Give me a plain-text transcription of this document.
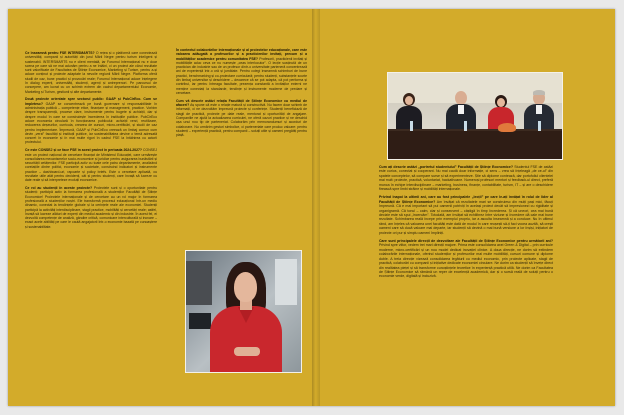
Ce înseamnă pentru FSE INTERSMARTS? O rețea și o platformă care conectează universități, companii și autorități din jurul Mării Negre pentru turism inteligent și sustenabil. INTERSMARTS nu e client mentală, iar Forumul Internațional nu e doar scena pe care să ne mai adunăm pentru a ne întâlni, ci un proiect ale cărui rezultate sunt valorificate de Facultatea de Științe Economice, Marketing și Turism, pentru a-și aduce conținut și proiecte adaptate la nevoile regiunii Mării Negre. Platforma oferă studii de caz, bune practici și provocări reale; Forumul Internațional aduce înțelegere în dialog experți, universități, studenți, agenți și antreprenori. Pe parcursul de concepere, am lucrat cu un schimb extrem din cadrul departamentului Economie, Marketing și Turism, gestiunii și alte departamente.

Două proiecte orientate spre sectorul public: GAAP și PubCirEco. Cum se împletesc? GAAP se concentrează pe bună guvernare și responsabilitate în administrația publică – competențe etice, finanțare și management, practice. Vorbim despre transparență, procese clare, instrumente pentru bugete și achiziții, dar și despre modul în care se construiește încrederea în instituțiile publice. PubCirEco aduce economia circulară în funcționarea publicului: achiziții verzi, reutilizare, reducerea deșeurilor, curricula, crearea de cursuri, micro-certificări, și studii de caz pentru implementare. Împreună, GAAP și PubCirEco creează un limbaj comun cum devin „verzi” facultăți și instituții publice, iar sustenabilitatea devine o temă adresată concret în economie și în mai multe rigori în cadrul FSE la întâlnirea cu actorii proiectului.

Ce este CONSEJ și ce face FSE în acest proiect în perioada 2024-2027? CONSEJ este un proiect național de cercetare finanțat de Ministerul Educației, care urmărește consolidarea mecanismelor socio-economice și juridice pentru asigurarea bunăstării și securității cetățenilor. FSE participă activ cu toate cele patru departamente, analizând corelațiile dintre politici, economie și societate, construind indicatori și instrumente practice – dashboard-uri, rapoarte și policy briefs. Este o cercetare aplicată, cu rezultate utile atât pentru decidenți, cât și pentru studenți, care învață să lucreze cu date reale și să interpreteze evoluții economice.

Ce rol au studenții în aceste proiecte? Proiectele sunt și o oportunitate pentru studenți: participă activ la formarea profesională a studenților Facultății de Științe Economice! Proiectele internaționale și de cercetare au un rol major în formarea profesională a studenților noștri. Ele transformă procesul educațional într-un mediu dinamic, conectat la tendințele globale și la cerințele reale ale economiei. Studenții participă la activități interdisciplinare, stagii practice, mobilități și cercetări reale; astfel, învață să lucreze alături de experți din mediul academic și din industrie. În acest fel, ei dezvoltă competențe de analiză, gândire critică, comunicare interculturală și inovare – exact acele abilități pe care le caută angajatorii într-o economie bazată pe cunoaștere și sustenabilitate.

În contextul colaborărilor internaționale și al proiectelor educaționale, care este valoarea adăugată a profesorilor și a practicienilor invitați, precum și a mobilităților academice pentru comunitatea FSE? Profesorii, practicienii invitați și mobilitățile aduc ceva ce nu numește „ceas interlocutor”. O lecție susținută de un practician din industrie sau de un profesor dintr-o universitate parteneră concentrează ani de experiență într-o oră și jumătate. Pentru colegi înseamnă schimburi de bune practici, benchmarking și co-proiectare curriculară; pentru studenți, substanțele scurte din limbaj universitar și deschidere – deoarece că se pot adapta, că pot performa și contribui, iar pentru întreaga facultate, prezența constantă a invitaților externi ne menține conectați la standarde, tendințe și instrumente moderne de predare și cercetare.

Cum vă descrie astăzi relația Facultății de Științe Economice cu mediul de afaceri? Aș spune că este o relație matură și constructivă. Nu facem doar schimb de informații, ci ne dezvoltăm împreună proiecte și conferințe. Studenții beneficiază de stagii de practică, proiecte pe date reale, mentorat și oportunități de angajare. Companiile ne ajută la actualizarea curriculei, ne oferă cazuri practice și ne deschid ușa unui nou tip de parteneriat. Colaborăm prin memorandumuri și acorduri de colaborare. Nu urmărim gesturi simbolice, ci parteneriate care produc valoare: pentru studenți – experiență practică, pentru companii – soluții utile și oameni pregătiți pentru piață.

Cum ați descrie astăzi „portretul studentului” Facultății de Științe Economice? Studentul FSE de astăzi este curios, conectat și cooperant. Nu mai caută doar informație, ci sens – vrea să înțeleagă „de ce-ul” din spatele conceptelor, să compare surse și să experimenteze. Știe să diplome contează, dar portofoliul clientelei mai mult: proiecte, practică, voluntariat, hackathoane. Numeroși profesori mentori și feedback-ul direct, preferă munca în echipe interdisciplinare – marketing, business, finanțe, contabilitate, turism, IT – și are o deschidere firească spre limbi străine și mobilități internaționale.

Privind înapoi la ultimii ani, care au fost principalele „lecții” pe care le-ați învățat în rolul de lider al Facultății de Științe Economice? Am învățat că rezultatele mari se construiesc din mulți pași mici, făcuți împreună. Că e mai important să pui oamenii potriviți în același proiect decât să impresionezi cu rigiditate și organigramă. Că tonul – calm, clar și consecvent – câștigă în timp încrederea. Și că uneori, cea mai bună decizie este să spui „încercăm”. Totodată, am învățat să echilibrez între viziune și încredere dă cale mai bune rezultate. Schimbarea reală începe prin exemplul propriu, iar a asculta înseamnă și a conduce. Nu în ultimul rând, am înțeles că valoarea unei facultăți este dată de modul în care reușești să-ți faci vocea auzită, să crești oameni care să ducă valoare mai departe, iar studenții să devină o mai bună versiune a lor înșiși, inițiatori de proiecte ori pur și simplu oameni împliniți.

Care sunt principalele direcții de dezvoltare ale Facultății de Științe Economice pentru următorii ani? Privind spre viitor, vedem trei mari direcții majore. Prima este consolidarea axei Green & Digital – prin curricule moderne, micro-certificări și un nou model dedicat inovației clinice. A doua direcție, ne dorim să extindem colaborările internaționale, oferind studenților și profesorilor mai multe mobilități, cursuri comune și diplome duble. A treia direcție vizează consolidarea legăturii cu mediul economic, prin proiecte aplicate, stagii de practică, colaborări cu companii și inițiative dedicate economiei circulare. Ne dorim ca studenții să învețe direct din realitatea pieței și să transforme cunoștințele teoretice în experiență practică utilă. Ne dorim ca Facultatea de Științe Economice să rămână un reper de excelență academică, dar și o sursă reală de soluții pentru o economie verde, digitală și incluzivă.
